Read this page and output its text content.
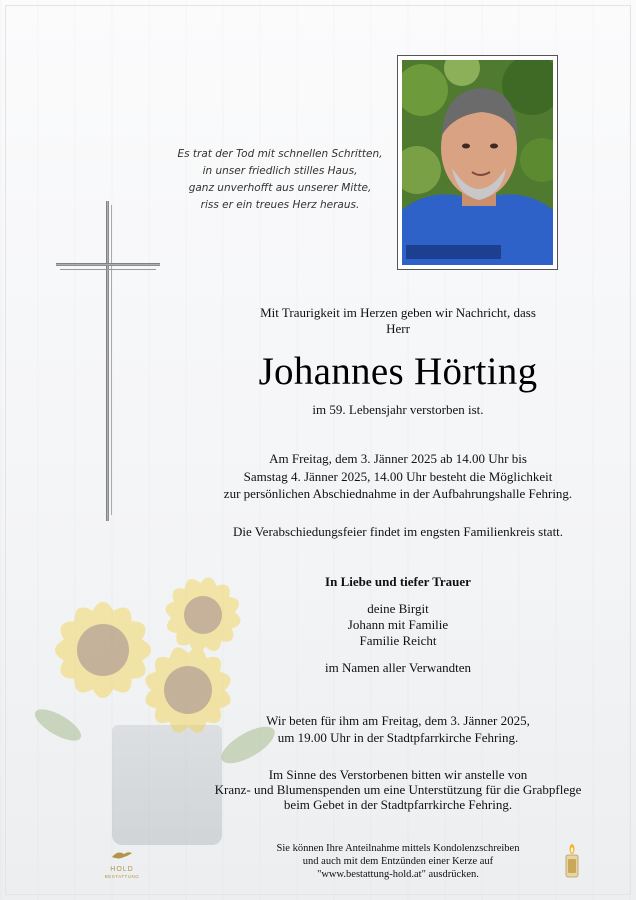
Es trat der Tod mit schnellen Schritten,
in unser friedlich stilles Haus,
ganz unverhofft aus unserer Mitte,
riss er ein treues Herz heraus.
Mit Traurigkeit im Herzen geben wir Nachricht, dass
Herr
Johannes Hörting
im 59. Lebensjahr verstorben ist.
Am Freitag, dem 3. Jänner 2025 ab 14.00 Uhr bis
Samstag 4. Jänner 2025, 14.00 Uhr besteht die Möglichkeit
zur persönlichen Abschiednahme in der Aufbahrungshalle Fehring.
Die Verabschiedungsfeier findet im engsten Familienkreis statt.
In Liebe und tiefer Trauer
deine Birgit
Johann mit Familie
Familie Reicht
im Namen aller Verwandten
Wir beten für ihm am Freitag, dem 3. Jänner 2025,
um 19.00 Uhr in der Stadtpfarrkirche Fehring.
Im Sinne des Verstorbenen bitten wir anstelle von
Kranz- und Blumenspenden um eine Unterstützung für die Grabpflege
beim Gebet in der Stadtpfarrkirche Fehring.
Sie können Ihre Anteilnahme mittels Kondolenzschreiben
und auch mit dem Entzünden einer Kerze auf
"www.bestattung-hold.at" ausdrücken.
HOLD
BESTATTUNG
